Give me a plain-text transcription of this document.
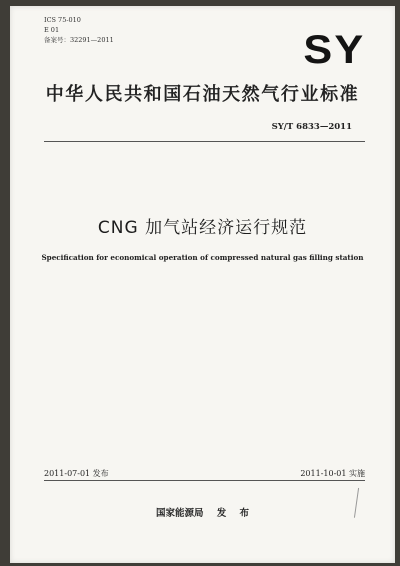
ICS 75-010
E 01
备案号：32291—2011	SY
中华人民共和国石油天然气行业标准
SY/T 6833—2011
CNG 加气站经济运行规范
Specification for economical operation of compressed natural gas filling station
2011-07-01 发布	2011-10-01 实施
国家能源局 发 布
